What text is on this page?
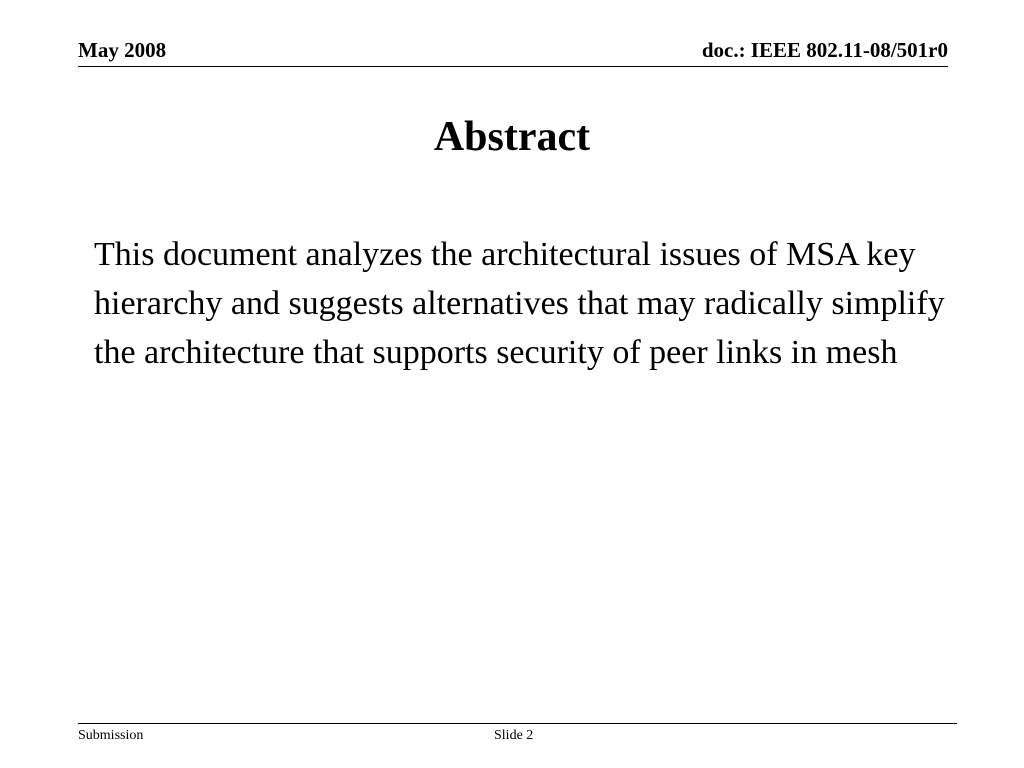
May 2008	doc.: IEEE 802.11-08/501r0
Abstract

This document analyzes the architectural issues of MSA key hierarchy and suggests alternatives that may radically simplify the architecture that supports security of peer links in mesh

Submission	Slide 2
